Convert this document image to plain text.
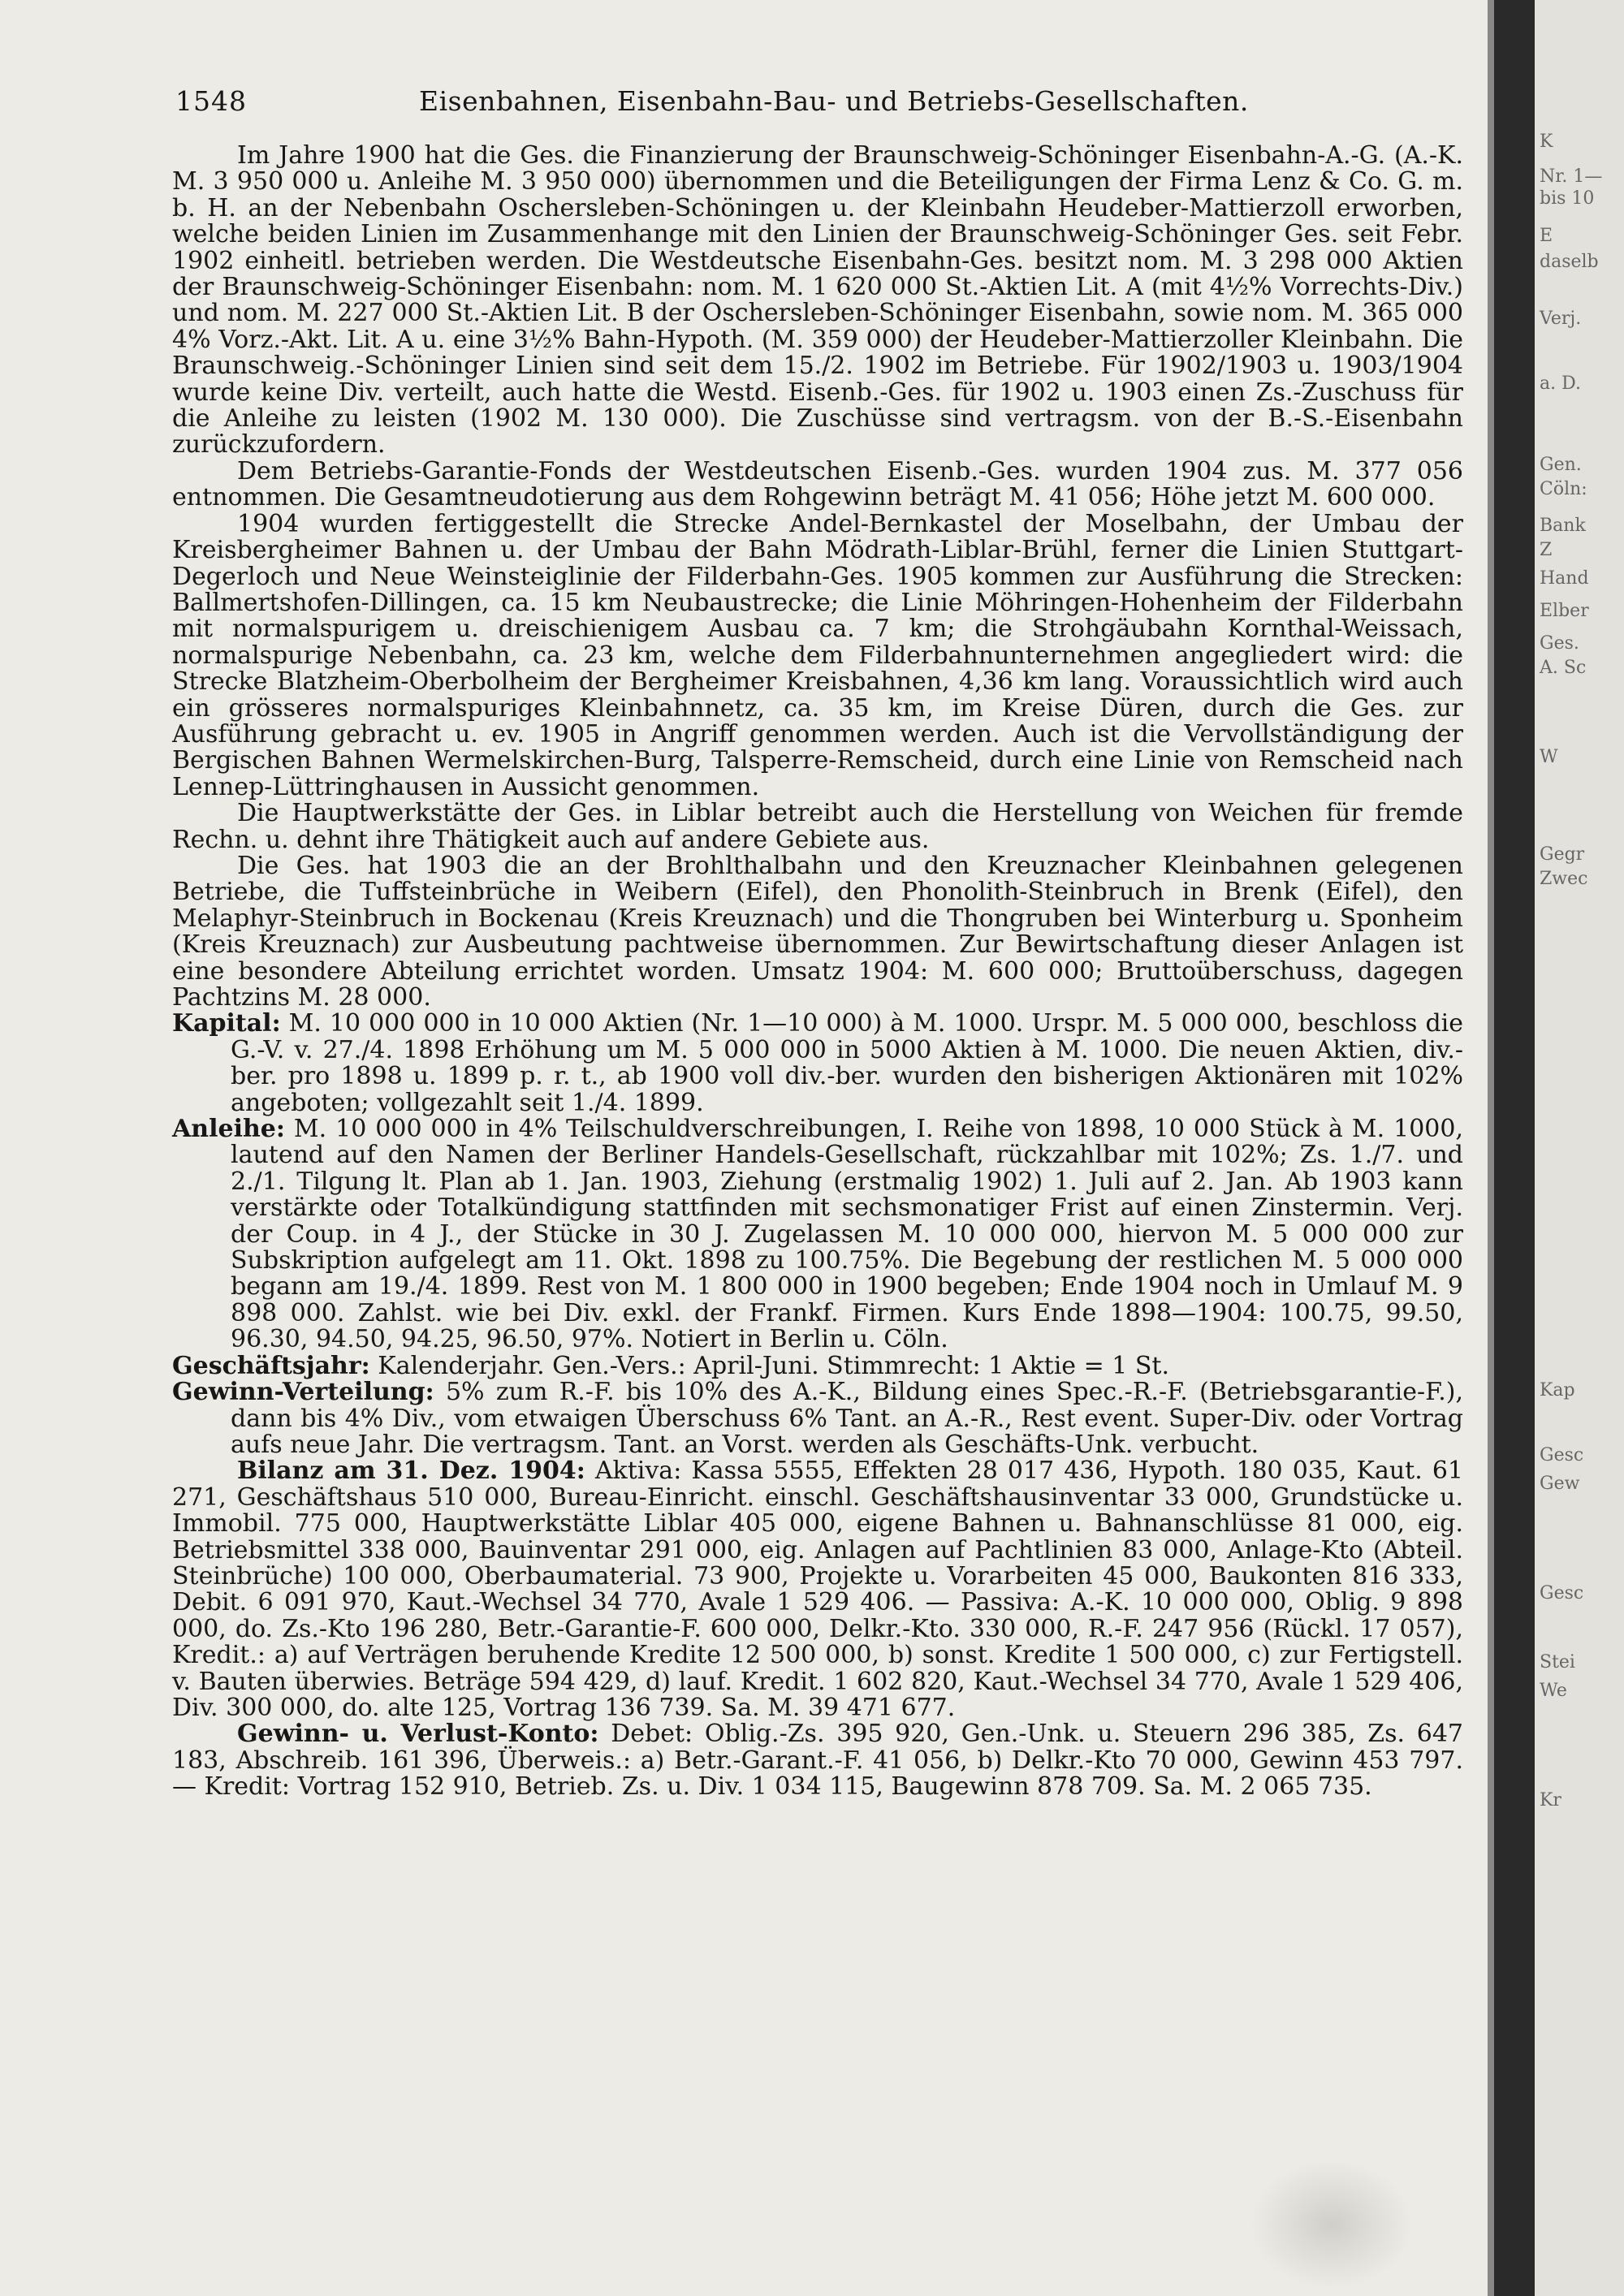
1548	Eisenbahnen, Eisenbahn-Bau- und Betriebs-Gesellschaften.

Im Jahre 1900 hat die Ges. die Finanzierung der Braunschweig-Schöninger Eisenbahn-A.-G. (A.-K. M. 3 950 000 u. Anleihe M. 3 950 000) übernommen und die Beteiligungen der Firma Lenz & Co. G. m. b. H. an der Nebenbahn Oschersleben-Schöningen u. der Kleinbahn Heudeber-Mattierzoll erworben, welche beiden Linien im Zusammenhange mit den Linien der Braunschweig-Schöninger Ges. seit Febr. 1902 einheitl. betrieben werden. Die Westdeutsche Eisenbahn-Ges. besitzt nom. M. 3 298 000 Aktien der Braunschweig-Schöninger Eisenbahn: nom. M. 1 620 000 St.-Aktien Lit. A (mit 4½% Vorrechts-Div.) und nom. M. 227 000 St.-Aktien Lit. B der Oschersleben-Schöninger Eisenbahn, sowie nom. M. 365 000 4% Vorz.-Akt. Lit. A u. eine 3½% Bahn-Hypoth. (M. 359 000) der Heudeber-Mattierzoller Kleinbahn. Die Braunschweig.-Schöninger Linien sind seit dem 15./2. 1902 im Betriebe. Für 1902/1903 u. 1903/1904 wurde keine Div. verteilt, auch hatte die Westd. Eisenb.-Ges. für 1902 u. 1903 einen Zs.-Zuschuss für die Anleihe zu leisten (1902 M. 130 000). Die Zuschüsse sind vertragsm. von der B.-S.-Eisenbahn zurückzufordern.

Dem Betriebs-Garantie-Fonds der Westdeutschen Eisenb.-Ges. wurden 1904 zus. M. 377 056 entnommen. Die Gesamtneudotierung aus dem Rohgewinn beträgt M. 41 056; Höhe jetzt M. 600 000.

1904 wurden fertiggestellt die Strecke Andel-Bernkastel der Moselbahn, der Umbau der Kreisbergheimer Bahnen u. der Umbau der Bahn Mödrath-Liblar-Brühl, ferner die Linien Stuttgart-Degerloch und Neue Weinsteiglinie der Filderbahn-Ges. 1905 kommen zur Ausführung die Strecken: Ballmertshofen-Dillingen, ca. 15 km Neubaustrecke; die Linie Möhringen-Hohenheim der Filderbahn mit normalspurigem u. dreischienigem Ausbau ca. 7 km; die Strohgäubahn Kornthal-Weissach, normalspurige Nebenbahn, ca. 23 km, welche dem Filderbahnunternehmen angegliedert wird: die Strecke Blatzheim-Oberbolheim der Bergheimer Kreisbahnen, 4,36 km lang. Voraussichtlich wird auch ein grösseres normalspuriges Kleinbahnnetz, ca. 35 km, im Kreise Düren, durch die Ges. zur Ausführung gebracht u. ev. 1905 in Angriff genommen werden. Auch ist die Vervollständigung der Bergischen Bahnen Wermelskirchen-Burg, Talsperre-Remscheid, durch eine Linie von Remscheid nach Lennep-Lüttringhausen in Aussicht genommen.

Die Hauptwerkstätte der Ges. in Liblar betreibt auch die Herstellung von Weichen für fremde Rechn. u. dehnt ihre Thätigkeit auch auf andere Gebiete aus.

Die Ges. hat 1903 die an der Brohlthalbahn und den Kreuznacher Kleinbahnen gelegenen Betriebe, die Tuffsteinbrüche in Weibern (Eifel), den Phonolith-Steinbruch in Brenk (Eifel), den Melaphyr-Steinbruch in Bockenau (Kreis Kreuznach) und die Thongruben bei Winterburg u. Sponheim (Kreis Kreuznach) zur Ausbeutung pachtweise übernommen. Zur Bewirtschaftung dieser Anlagen ist eine besondere Abteilung errichtet worden. Umsatz 1904: M. 600 000; Bruttoüberschuss, dagegen Pachtzins M. 28 000.

Kapital: M. 10 000 000 in 10 000 Aktien (Nr. 1—10 000) à M. 1000. Urspr. M. 5 000 000, beschloss die G.-V. v. 27./4. 1898 Erhöhung um M. 5 000 000 in 5000 Aktien à M. 1000. Die neuen Aktien, div.-ber. pro 1898 u. 1899 p. r. t., ab 1900 voll div.-ber. wurden den bisherigen Aktionären mit 102% angeboten; vollgezahlt seit 1./4. 1899.

Anleihe: M. 10 000 000 in 4% Teilschuldverschreibungen, I. Reihe von 1898, 10 000 Stück à M. 1000, lautend auf den Namen der Berliner Handels-Gesellschaft, rückzahlbar mit 102%; Zs. 1./7. und 2./1. Tilgung lt. Plan ab 1. Jan. 1903, Ziehung (erstmalig 1902) 1. Juli auf 2. Jan. Ab 1903 kann verstärkte oder Totalkündigung stattfinden mit sechsmonatiger Frist auf einen Zinstermin. Verj. der Coup. in 4 J., der Stücke in 30 J. Zugelassen M. 10 000 000, hiervon M. 5 000 000 zur Subskription aufgelegt am 11. Okt. 1898 zu 100.75%. Die Begebung der restlichen M. 5 000 000 begann am 19./4. 1899. Rest von M. 1 800 000 in 1900 begeben; Ende 1904 noch in Umlauf M. 9 898 000. Zahlst. wie bei Div. exkl. der Frankf. Firmen. Kurs Ende 1898—1904: 100.75, 99.50, 96.30, 94.50, 94.25, 96.50, 97%. Notiert in Berlin u. Cöln.

Geschäftsjahr: Kalenderjahr. Gen.-Vers.: April-Juni. Stimmrecht: 1 Aktie = 1 St.

Gewinn-Verteilung: 5% zum R.-F. bis 10% des A.-K., Bildung eines Spec.-R.-F. (Betriebsgarantie-F.), dann bis 4% Div., vom etwaigen Überschuss 6% Tant. an A.-R., Rest event. Super-Div. oder Vortrag aufs neue Jahr. Die vertragsm. Tant. an Vorst. werden als Geschäfts-Unk. verbucht.

Bilanz am 31. Dez. 1904: Aktiva: Kassa 5555, Effekten 28 017 436, Hypoth. 180 035, Kaut. 61 271, Geschäftshaus 510 000, Bureau-Einricht. einschl. Geschäftshausinventar 33 000, Grundstücke u. Immobil. 775 000, Hauptwerkstätte Liblar 405 000, eigene Bahnen u. Bahnanschlüsse 81 000, eig. Betriebsmittel 338 000, Bauinventar 291 000, eig. Anlagen auf Pachtlinien 83 000, Anlage-Kto (Abteil. Steinbrüche) 100 000, Oberbaumaterial. 73 900, Projekte u. Vorarbeiten 45 000, Baukonten 816 333, Debit. 6 091 970, Kaut.-Wechsel 34 770, Avale 1 529 406. — Passiva: A.-K. 10 000 000, Oblig. 9 898 000, do. Zs.-Kto 196 280, Betr.-Garantie-F. 600 000, Delkr.-Kto. 330 000, R.-F. 247 956 (Rückl. 17 057), Kredit.: a) auf Verträgen beruhende Kredite 12 500 000, b) sonst. Kredite 1 500 000, c) zur Fertigstell. v. Bauten überwies. Beträge 594 429, d) lauf. Kredit. 1 602 820, Kaut.-Wechsel 34 770, Avale 1 529 406, Div. 300 000, do. alte 125, Vortrag 136 739. Sa. M. 39 471 677.

Gewinn- u. Verlust-Konto: Debet: Oblig.-Zs. 395 920, Gen.-Unk. u. Steuern 296 385, Zs. 647 183, Abschreib. 161 396, Überweis.: a) Betr.-Garant.-F. 41 056, b) Delkr.-Kto 70 000, Gewinn 453 797. — Kredit: Vortrag 152 910, Betrieb. Zs. u. Div. 1 034 115, Baugewinn 878 709. Sa. M. 2 065 735.

K
Nr. 1—
bis 10
E
daselb
Verj.
a. D.
Gen.
Cöln:
Bank
Z
Hand
Elber
Ges.
A. Sc
W
Gegr
Zwec
Kap
Gesc
Gew
Gesc
Stei
We
Kr
